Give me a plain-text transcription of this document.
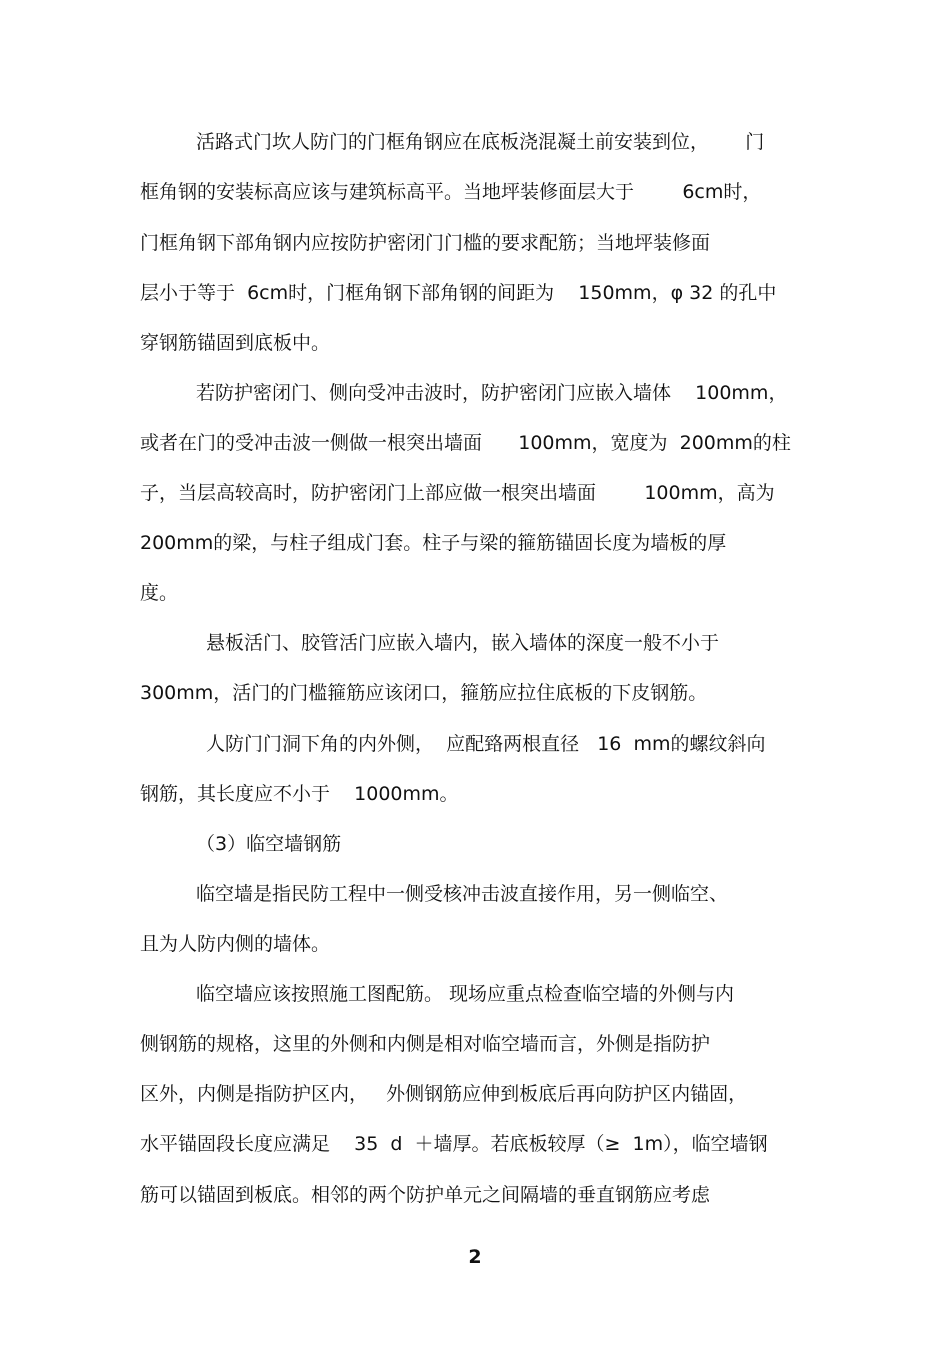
活路式门坎人防门的门框角钢应在底板浇混凝土前安装到位，      门
框角钢的安装标高应该与建筑标高平。当地坪装修面层大于        6cm时，
门框角钢下部角钢内应按防护密闭门门槛的要求配筋；当地坪装修面
层小于等于  6cm时，门框角钢下部角钢的间距为    150mm，φ 32 的孔中
穿钢筋锚固到底板中。
若防护密闭门、侧向受冲击波时，防护密闭门应嵌入墙体    100mm，
或者在门的受冲击波一侧做一根突出墙面      100mm，宽度为  200mm的柱
子，当层高较高时，防护密闭门上部应做一根突出墙面        100mm，高为
200mm的梁，与柱子组成门套。柱子与梁的箍筋锚固长度为墙板的厚
度。
悬板活门、胶管活门应嵌入墙内，嵌入墙体的深度一般不小于
300mm，活门的门槛箍筋应该闭口，箍筋应拉住底板的下皮钢筋。
人防门门洞下角的内外侧，  应配臵两根直径   16  mm的螺纹斜向
钢筋，其长度应不小于    1000mm。
（3）临空墙钢筋
临空墙是指民防工程中一侧受核冲击波直接作用，另一侧临空、
且为人防内侧的墙体。
临空墙应该按照施工图配筋。 现场应重点检查临空墙的外侧与内
侧钢筋的规格，这里的外侧和内侧是相对临空墙而言，外侧是指防护
区外，内侧是指防护区内，   外侧钢筋应伸到板底后再向防护区内锚固，
水平锚固段长度应满足    35  d  ＋墙厚。若底板较厚（≥  1m），临空墙钢
筋可以锚固到板底。相邻的两个防护单元之间隔墙的垂直钢筋应考虑
2
